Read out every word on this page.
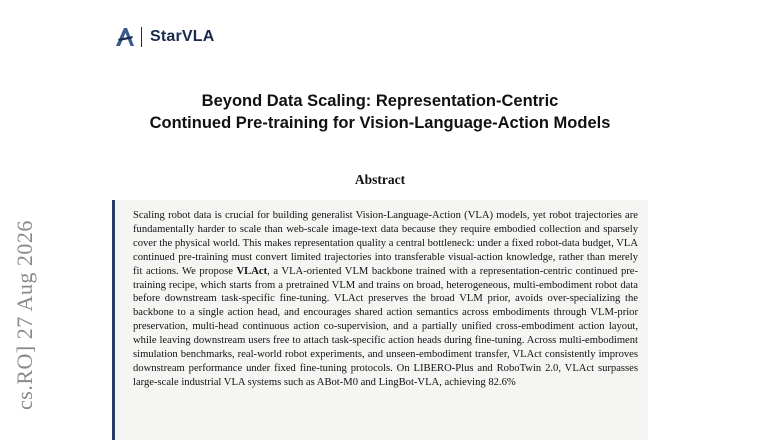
StarVLA
Beyond Data Scaling: Representation-Centric
Continued Pre-training for Vision-Language-Action Models
Abstract

Scaling robot data is crucial for building generalist Vision-Language-Action (VLA) models, yet robot trajectories are fundamentally harder to scale than web-scale image-text data because they require embodied collection and sparsely cover the physical world. This makes representation quality a central bottleneck: under a fixed robot-data budget, VLA continued pre-training must convert limited trajectories into transferable visual-action knowledge, rather than merely fit actions. We propose VLAct, a VLA-oriented VLM backbone trained with a representation-centric continued pre-training recipe, which starts from a pretrained VLM and trains on broad, heterogeneous, multi-embodiment robot data before downstream task-specific fine-tuning. VLAct preserves the broad VLM prior, avoids over-specializing the backbone to a single action head, and encourages shared action semantics across embodiments through VLM-prior preservation, multi-head continuous action co-supervision, and a partially unified cross-embodiment action layout, while leaving downstream users free to attach task-specific action heads during fine-tuning. Across multi-embodiment simulation benchmarks, real-world robot experiments, and unseen-embodiment transfer, VLAct consistently improves downstream performance under fixed fine-tuning protocols. On LIBERO-Plus and RoboTwin 2.0, VLAct surpasses large-scale industrial VLA systems such as ABot-M0 and LingBot-VLA, achieving 82.6%

cs.RO] 27 Aug 2026
